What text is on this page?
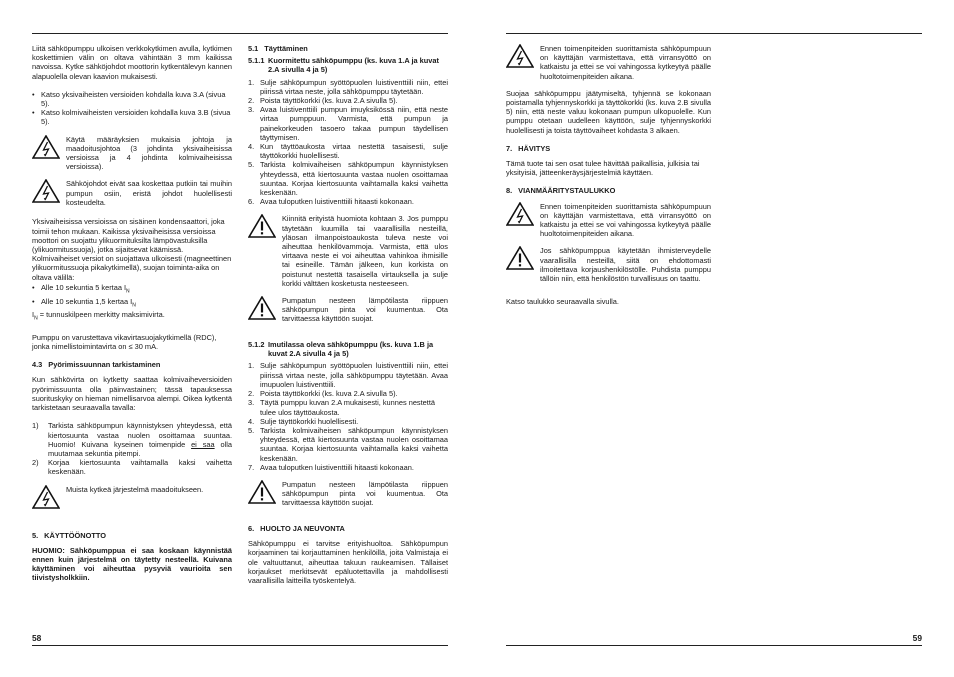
Liitä sähköpumppu ulkoisen verkkokytkimen avulla, kytkimen koskettimien välin on oltava vähintään 3 mm kaikissa navoissa. Kytke sähköjohdot moottorin kytkentälevyn kannen alapuolella olevan kaavion mukaisesti.

• Katso yksivaiheisten versioiden kohdalla kuva 3.A (sivua 5).
• Katso kolmivaiheisten versioiden kohdalla kuva 3.B (sivua 5).
Käytä määräyksien mukaisia johtoja ja maadoitusjohtoa (3 johdinta yksivaiheisissa versioissa ja 4 johdinta kolmivaiheisissa versioissa).
Sähköjohdot eivät saa koskettaa putkiin tai muihin pumpun osiin, eristä johdot huolellisesti kosteudelta.

Yksivaiheisissa versioissa on sisäinen kondensaattori, joka toimii tehon mukaan. Kaikissa yksivaiheisissa versioissa moottori on suojattu ylikuormituksilta lämpövastuksilla (ylikuormitussuoja), jotka sijaitsevat käämissä. Kolmivaiheiset versiot on suojattava ulkoisesti (magneettinen ylikuormitussuoja pikakytkimellä), suojan toiminta-aika on oltava välillä:

• Alle 10 sekuntia 5 kertaa $I_N$
• Alle 10 sekuntia 1,5 kertaa $I_N$

$I_N$ = tunnuskilpeen merkitty maksimivirta.

Pumppu on varustettava vikavirtasuojakytkimellä (RDC), jonka nimellistoimintavirta on ≤ 30 mA.

4.3 Pyörimissuunnan tarkistaminen

Kun sähkövirta on kytketty saattaa kolmivaiheversioiden pyörimissuunta olla päinvastainen; tässä tapauksessa suorituskyky on hieman nimellisarvoa alempi. Oikea kytkentä tarkistetaan seuraavalla tavalla:

1)	Tarkista sähköpumpun käynnistyksen yhteydessä, että kiertosuunta vastaa nuolen osoittamaa suuntaa. Huomio! Kuivana kyseinen toimenpide ei saa olla muutamaa sekuntia pitempi.
2)	Korjaa kiertosuunta vaihtamalla kaksi vaihetta keskenään.
Muista kytkeä järjestelmä maadoitukseen.
5. KÄYTTÖÖNOTTO

HUOMIO: Sähköpumppua ei saa koskaan käynnistää ennen kuin järjestelmä on täytetty nesteellä. Kuivana käyttäminen voi aiheuttaa pysyviä vaurioita sen tiivistysholkkiin.

5.1 Täyttäminen
5.1.1 Kuormitettu sähköpumppu (ks. kuva 1.A ja kuvat 2.A sivulla 4 ja 5)
1. Sulje sähköpumpun syöttöpuolen luistiventtiili niin, ettei piirissä virtaa neste, jolla sähköpumppu täytetään.
2. Poista täyttökorkki (ks. kuva 2.A sivulla 5).
3. Avaa luistiventtiili pumpun imuyksikössä niin, että neste virtaa pumppuun. Varmista, että pumpun ja painekorkeuden tasoero takaa pumpun täydellisen täyttymisen.
4. Kun täyttöaukosta virtaa nestettä tasaisesti, sulje täyttökorkki huolellisesti.
5. Tarkista kolmivaiheisen sähköpumpun käynnistyksen yhteydessä, että kiertosuunta vastaa nuolen osoittamaa suuntaa. Korjaa kiertosuunta vaihtamalla kaksi vaihetta keskenään.
6. Avaa tuloputken luistiventtiili hitaasti kokonaan.
Kiinnitä erityistä huomiota kohtaan 3. Jos pumppu täytetään kuumilla tai vaarallisilla nesteillä, yläosan ilmanpoistoaukosta tuleva neste voi aiheuttaa henkilövammoja. Varmista, että ulos virtaava neste ei voi aiheuttaa vahinkoa ihmisille tai esineille. Tämän jälkeen, kun korkista on poistunut nestettä tasaisella virtauksella ja sulje korkki välttäen kosketusta nesteeseen.
Pumpatun nesteen lämpötilasta riippuen sähköpumpun pinta voi kuumentua. Ota tarvittaessa käyttöön suojat.
5.1.2 Imutilassa oleva sähköpumppu (ks. kuva 1.B ja kuvat 2.A sivulla 4 ja 5)
1. Sulje sähköpumpun syöttöpuolen luistiventtiili niin, ettei piirissä virtaa neste, jolla sähköpumppu täytetään. Avaa imupuolen luistiventtiili.
2. Poista täyttökorkki (ks. kuva 2.A sivulla 5).
3. Täytä pumppu kuvan 2.A mukaisesti, kunnes nestettä tulee ulos täyttöaukosta.
4. Sulje täyttökorkki huolellisesti.
5. Tarkista kolmivaiheisen sähköpumpun käynnistyksen yhteydessä, että kiertosuunta vastaa nuolen osoittamaa suuntaa. Korjaa kiertosuunta vaihtamalla kaksi vaihetta keskenään.
7. Avaa tuloputken luistiventtiili hitaasti kokonaan.
Pumpatun nesteen lämpötilasta riippuen sähköpumpun pinta voi kuumentua. Ota tarvittaessa käyttöön suojat.
6. HUOLTO JA NEUVONTA

Sähköpumppu ei tarvitse erityishuoltoa. Sähköpumpun korjaaminen tai korjauttaminen henkilöillä, joita Valmistaja ei ole valtuuttanut, aiheuttaa takuun raukeamisen. Tällaiset korjaukset merkitsevät epäluotettavilla ja mahdollisesti vaarallisilla laitteilla työskentelyä.

58
Ennen toimenpiteiden suorittamista sähköpumpuun on käyttäjän varmistettava, että virransyöttö on katkaistu ja ettei se voi vahingossa kytkeytyä päälle huoltotoimenpiteiden aikana.

Suojaa sähköpumppu jäätymiseltä, tyhjennä se kokonaan poistamalla tyhjennyskorkki ja täyttökorkki (ks. kuva 2.B sivulla 5) niin, että neste valuu kokonaan pumpun ulkopuolelle. Kun pumppu otetaan uudelleen käyttöön, sulje tyhjennyskorkki huolellisesti ja toista täyttövaiheet kohdasta 3 alkaen.

7. HÄVITYS

Tämä tuote tai sen osat tulee hävittää paikallisia, julkisia tai yksityisiä, jätteenkeräysjärjestelmiä käyttäen.

8. VIANMÄÄRITYSTAULUKKO
Ennen toimenpiteiden suorittamista sähköpumpuun on käyttäjän varmistettava, että virransyöttö on katkaistu ja ettei se voi vahingossa kytkeytyä päälle huoltotoimenpiteiden aikana.
Jos sähköpumppua käytetään ihmisterveydelle vaarallisilla nesteillä, siitä on ehdottomasti ilmoitettava korjaushenkilöstölle. Puhdista pumppu tällöin niin, että henkilöstön turvallisuus on taattu.

Katso taulukko seuraavalla sivulla.

59
